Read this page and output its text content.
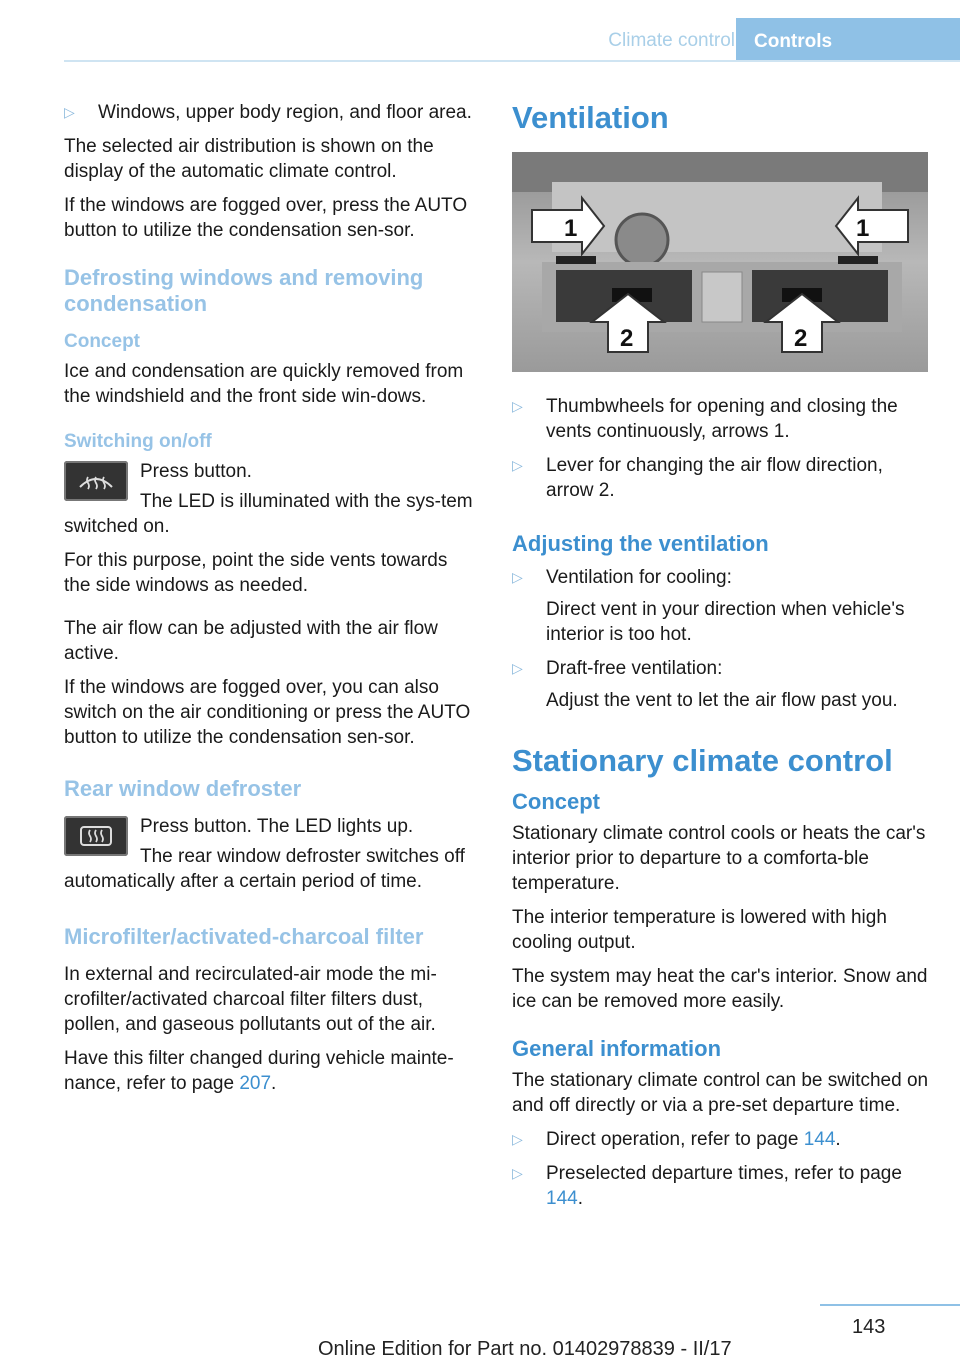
Climate control	Controls
▷ Windows, upper body region, and floor area.

The selected air distribution is shown on the display of the automatic climate control.

If the windows are fogged over, press the AUTO button to utilize the condensation sen-sor.

Defrosting windows and removing condensation
Concept

Ice and condensation are quickly removed from the windshield and the front side win-dows.

Switching on/off

Press button.

The LED is illuminated with the sys-tem switched on.

For this purpose, point the side vents towards the side windows as needed.

The air flow can be adjusted with the air flow active.

If the windows are fogged over, you can also switch on the air conditioning or press the AUTO button to utilize the condensation sen-sor.

Rear window defroster

Press button. The LED lights up.

The rear window defroster switches off automatically after a certain period of time.

Microfilter/activated-charcoal filter

In external and recirculated-air mode the mi-crofilter/activated charcoal filter filters dust, pollen, and gaseous pollutants out of the air.

Have this filter changed during vehicle mainte-nance, refer to page 207.

Ventilation
1	1
2	2
▷ Thumbwheels for opening and closing the vents continuously, arrows 1.
▷ Lever for changing the air flow direction, arrow 2.
Adjusting the ventilation
▷ Ventilation for cooling:

Direct vent in your direction when vehicle's interior is too hot.

▷ Draft-free ventilation:

Adjust the vent to let the air flow past you.

Stationary climate control
Concept

Stationary climate control cools or heats the car's interior prior to departure to a comforta-ble temperature.

The interior temperature is lowered with high cooling output.

The system may heat the car's interior. Snow and ice can be removed more easily.

General information

The stationary climate control can be switched on and off directly or via a pre-set departure time.

▷ Direct operation, refer to page 144.
▷ Preselected departure times, refer to page 144.
143
Online Edition for Part no. 01402978839 - II/17
